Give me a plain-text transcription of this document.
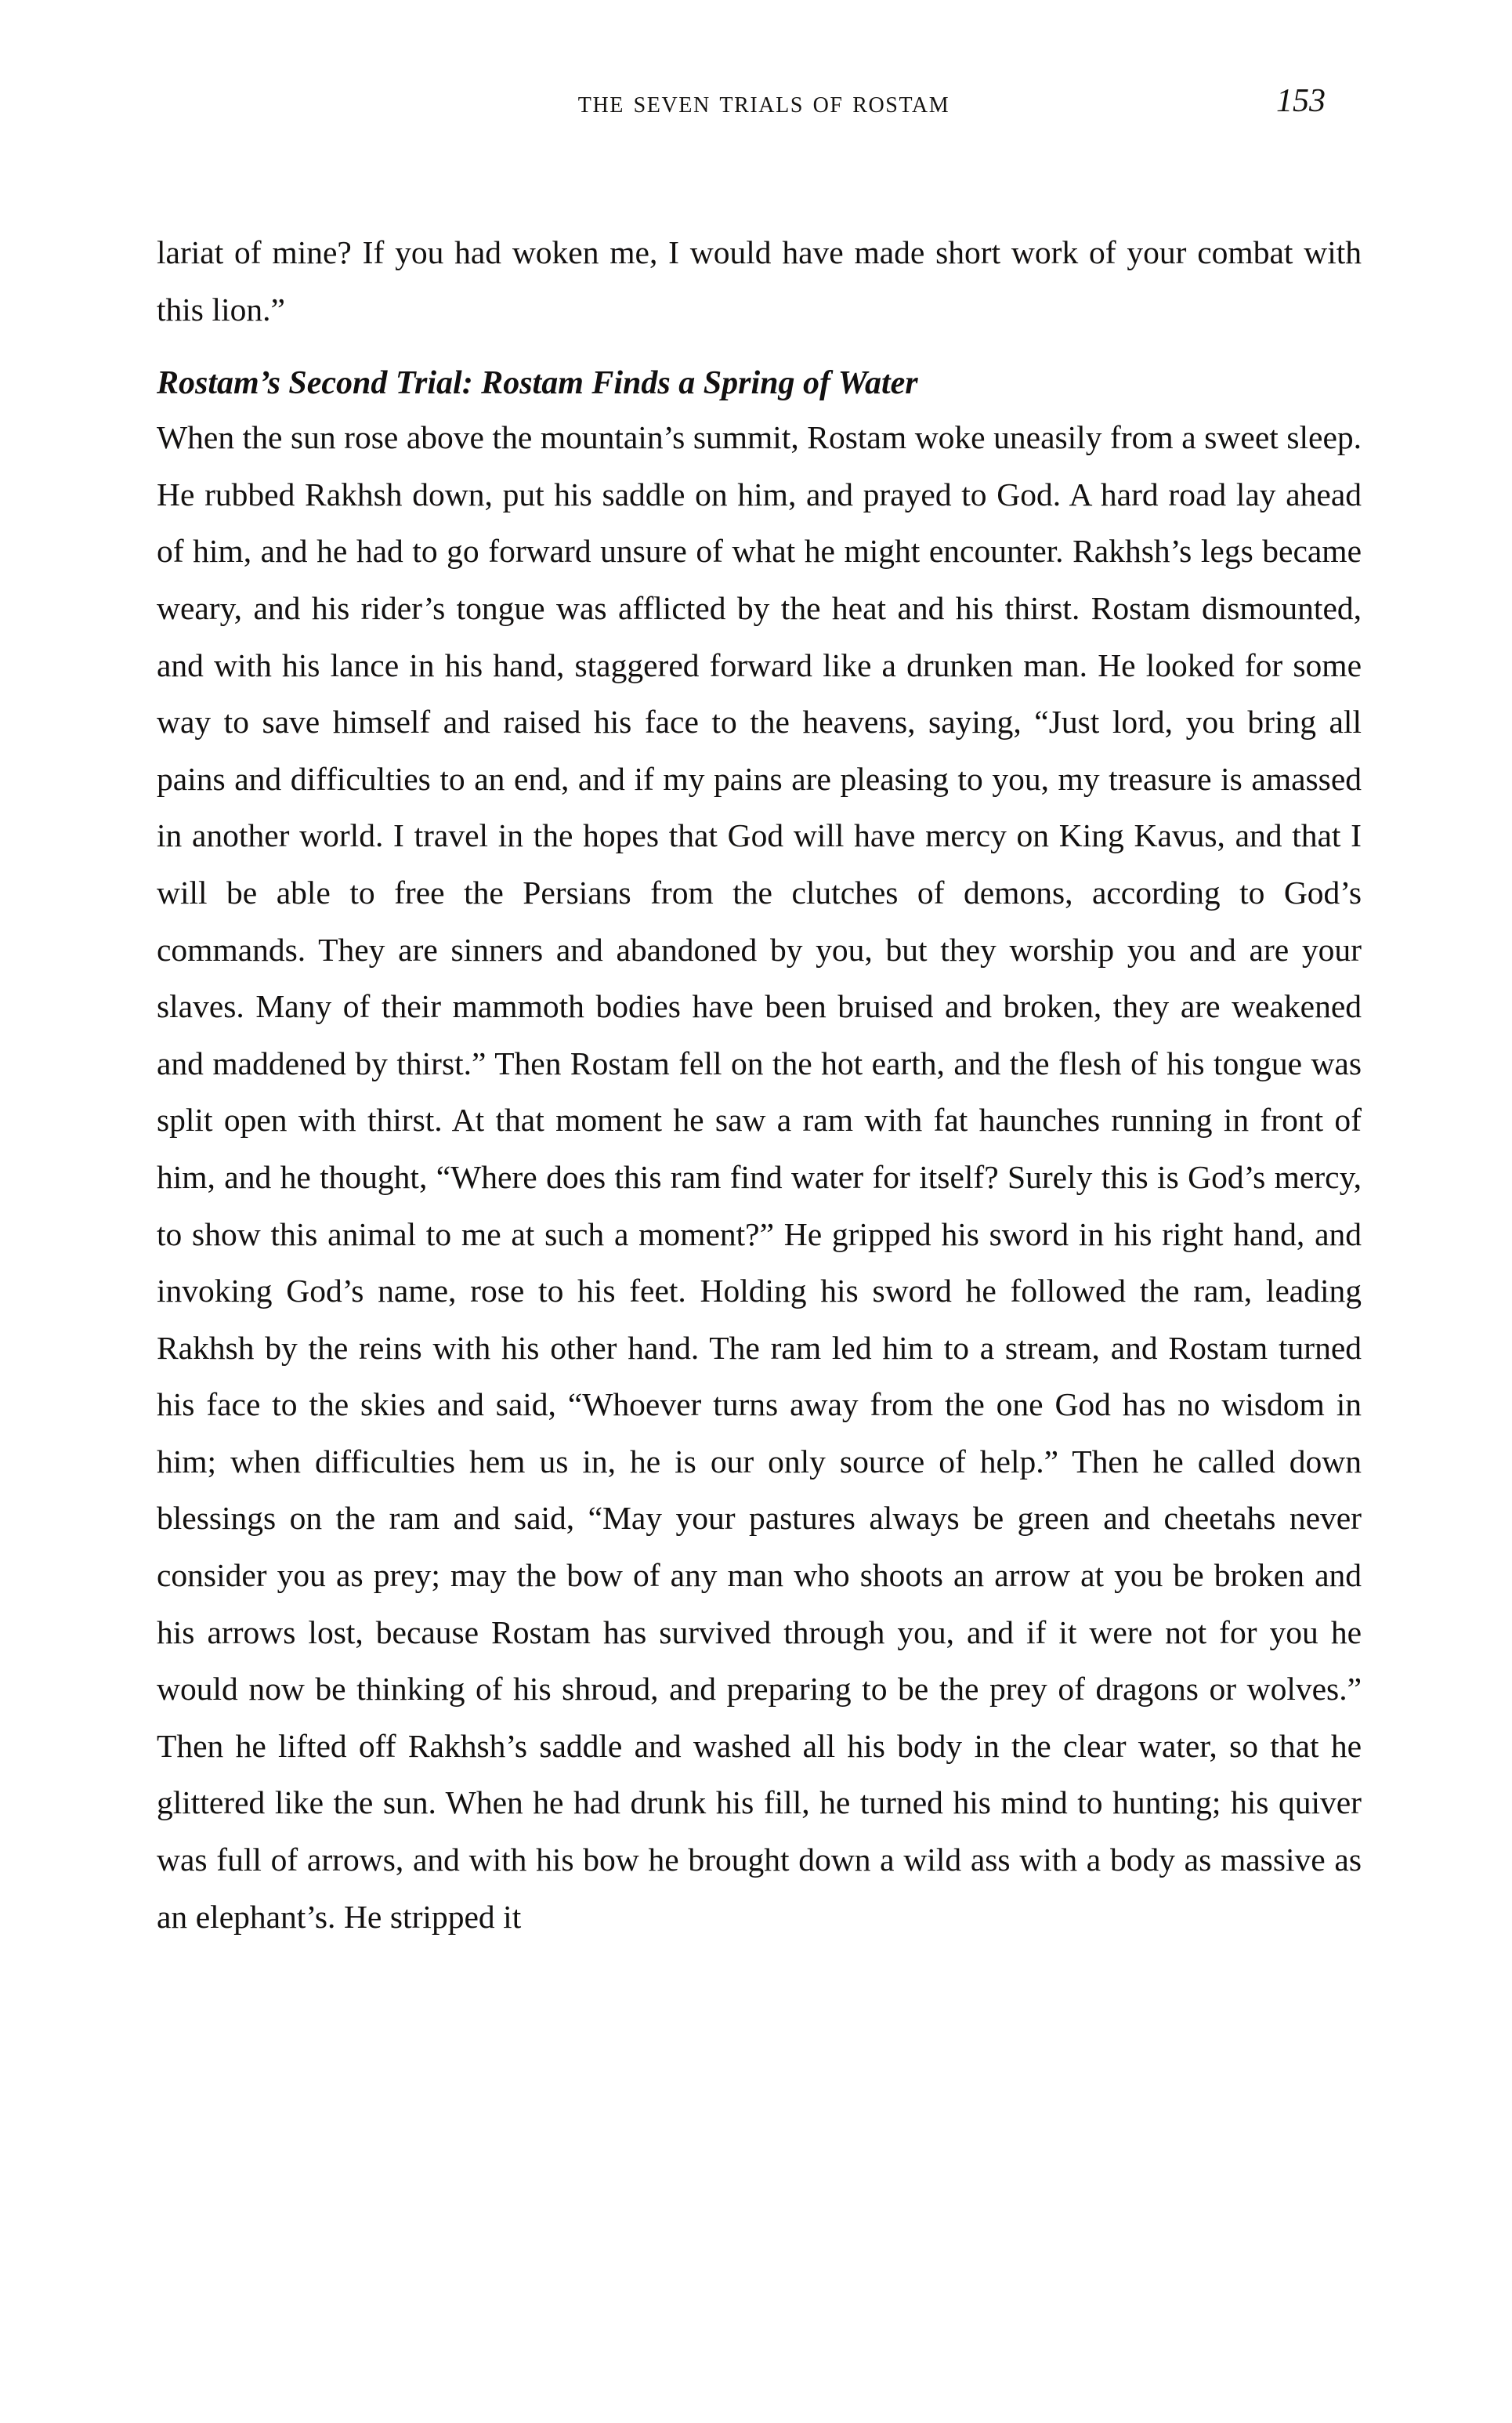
the seven trials of rostam	153

lariat of mine? If you had woken me, I would have made short work of your combat with this lion.”

Rostam’s Second Trial: Rostam Finds a Spring of Water

When the sun rose above the mountain’s summit, Rostam woke uneasily from a sweet sleep. He rubbed Rakhsh down, put his saddle on him, and prayed to God. A hard road lay ahead of him, and he had to go forward unsure of what he might encounter. Rakhsh’s legs became weary, and his rider’s tongue was afflicted by the heat and his thirst. Rostam dismounted, and with his lance in his hand, staggered forward like a drunken man. He looked for some way to save himself and raised his face to the heavens, saying, “Just lord, you bring all pains and difficulties to an end, and if my pains are pleasing to you, my treasure is amassed in another world. I travel in the hopes that God will have mercy on King Kavus, and that I will be able to free the Persians from the clutches of demons, according to God’s commands. They are sinners and abandoned by you, but they worship you and are your slaves. Many of their mammoth bodies have been bruised and broken, they are weakened and maddened by thirst.” Then Rostam fell on the hot earth, and the flesh of his tongue was split open with thirst. At that moment he saw a ram with fat haunches running in front of him, and he thought, “Where does this ram find water for itself? Surely this is God’s mercy, to show this animal to me at such a moment?” He gripped his sword in his right hand, and invoking God’s name, rose to his feet. Holding his sword he followed the ram, leading Rakhsh by the reins with his other hand. The ram led him to a stream, and Rostam turned his face to the skies and said, “Whoever turns away from the one God has no wisdom in him; when difficulties hem us in, he is our only source of help.” Then he called down blessings on the ram and said, “May your pastures always be green and cheetahs never consider you as prey; may the bow of any man who shoots an arrow at you be broken and his arrows lost, because Rostam has survived through you, and if it were not for you he would now be thinking of his shroud, and preparing to be the prey of dragons or wolves.” Then he lifted off Rakhsh’s saddle and washed all his body in the clear water, so that he glittered like the sun. When he had drunk his fill, he turned his mind to hunting; his quiver was full of arrows, and with his bow he brought down a wild ass with a body as massive as an elephant’s. He stripped it
